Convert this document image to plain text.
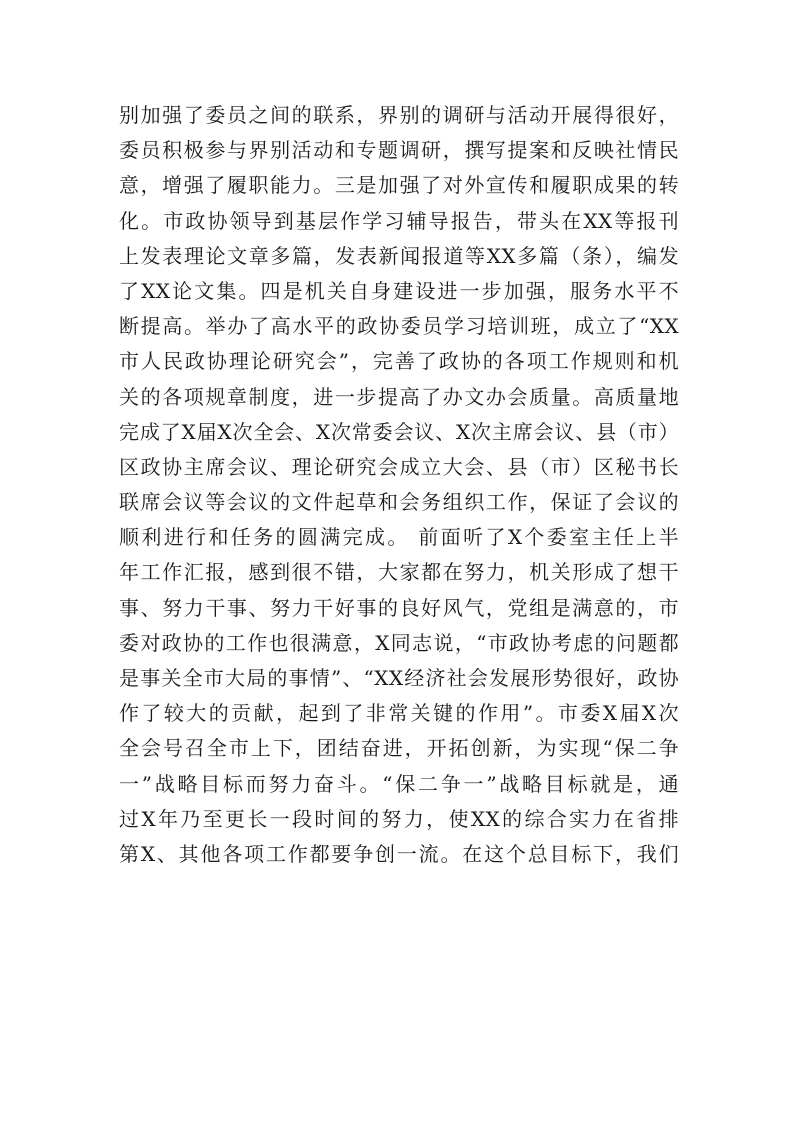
别加强了委员之间的联系，界别的调研与活动开展得很好，
委员积极参与界别活动和专题调研，撰写提案和反映社情民
意，增强了履职能力。三是加强了对外宣传和履职成果的转
化。市政协领导到基层作学习辅导报告，带头在XX等报刊
上发表理论文章多篇，发表新闻报道等XX多篇（条），编发
了XX论文集。四是机关自身建设进一步加强，服务水平不
断提高。举办了高水平的政协委员学习培训班，成立了“XX
市人民政协理论研究会”，完善了政协的各项工作规则和机
关的各项规章制度，进一步提高了办文办会质量。高质量地
完成了X届X次全会、X次常委会议、X次主席会议、县（市）
区政协主席会议、理论研究会成立大会、县（市）区秘书长
联席会议等会议的文件起草和会务组织工作，保证了会议的
顺利进行和任务的圆满完成。 前面听了X个委室主任上半
年工作汇报，感到很不错，大家都在努力，机关形成了想干
事、努力干事、努力干好事的良好风气，党组是满意的，市
委对政协的工作也很满意，X同志说，“市政协考虑的问题都
是事关全市大局的事情”、“XX经济社会发展形势很好，政协
作了较大的贡献，起到了非常关键的作用”。市委X届X次
全会号召全市上下，团结奋进，开拓创新，为实现“保二争
一”战略目标而努力奋斗。“保二争一”战略目标就是，通
过X年乃至更长一段时间的努力，使XX的综合实力在省排
第X、其他各项工作都要争创一流。在这个总目标下，我们
